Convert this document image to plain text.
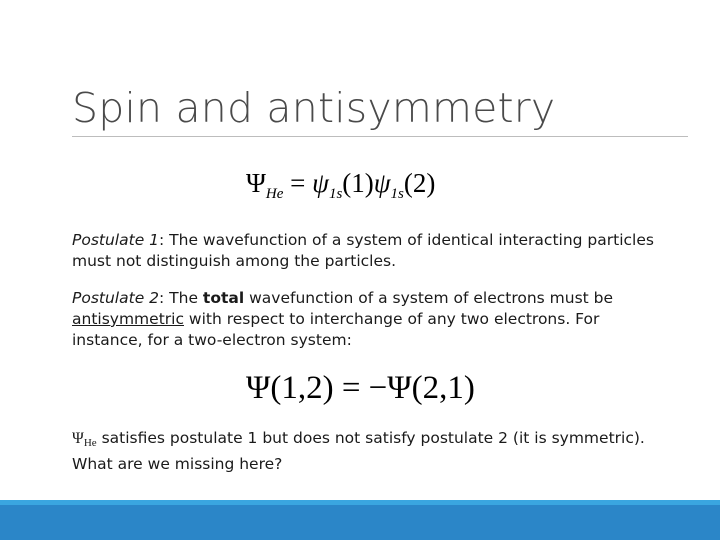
Spin and antisymmetry
$\Psi_{He} = \psi_{1s}(1)\psi_{1s}(2)$
Postulate 1: The wavefunction of a system of identical interacting particles must not distinguish among the particles.
Postulate 2: The total wavefunction of a system of electrons must be antisymmetric with respect to interchange of any two electrons. For instance, for a two-electron system:
Ψ(1,2) = −Ψ(2,1)
$\Psi_{He}$ satisfies postulate 1 but does not satisfy postulate 2 (it is symmetric). What are we missing here?
